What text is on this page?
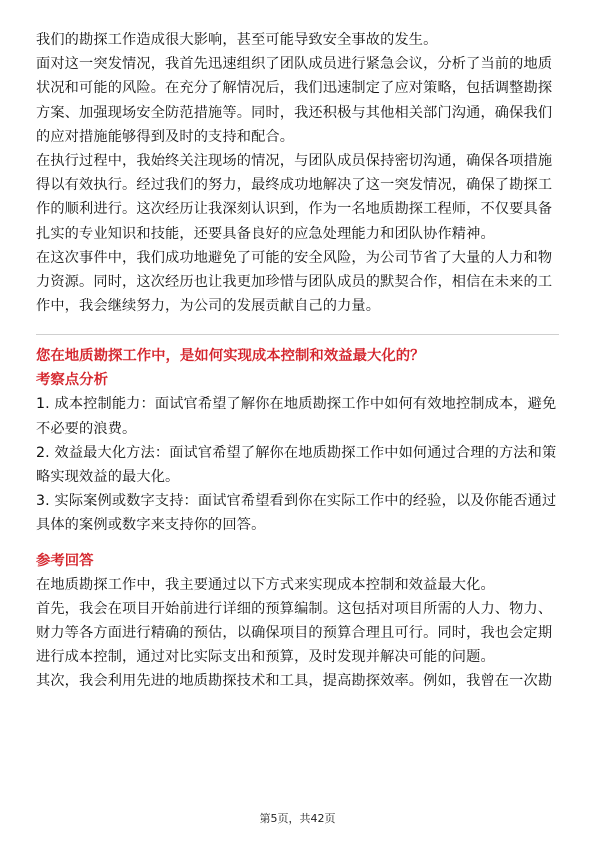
我们的勘探工作造成很大影响，甚至可能导致安全事故的发生。

面对这一突发情况，我首先迅速组织了团队成员进行紧急会议，分析了当前的地质状况和可能的风险。在充分了解情况后，我们迅速制定了应对策略，包括调整勘探方案、加强现场安全防范措施等。同时，我还积极与其他相关部门沟通，确保我们的应对措施能够得到及时的支持和配合。

在执行过程中，我始终关注现场的情况，与团队成员保持密切沟通，确保各项措施得以有效执行。经过我们的努力，最终成功地解决了这一突发情况，确保了勘探工作的顺利进行。这次经历让我深刻认识到，作为一名地质勘探工程师，不仅要具备扎实的专业知识和技能，还要具备良好的应急处理能力和团队协作精神。

在这次事件中，我们成功地避免了可能的安全风险，为公司节省了大量的人力和物力资源。同时，这次经历也让我更加珍惜与团队成员的默契合作，相信在未来的工作中，我会继续努力，为公司的发展贡献自己的力量。

您在地质勘探工作中，是如何实现成本控制和效益最大化的？
考察点分析

1. 成本控制能力：面试官希望了解你在地质勘探工作中如何有效地控制成本，避免不必要的浪费。

2. 效益最大化方法：面试官希望了解你在地质勘探工作中如何通过合理的方法和策略实现效益的最大化。

3. 实际案例或数字支持：面试官希望看到你在实际工作中的经验，以及你能否通过具体的案例或数字来支持你的回答。

参考回答

在地质勘探工作中，我主要通过以下方式来实现成本控制和效益最大化。

首先，我会在项目开始前进行详细的预算编制。这包括对项目所需的人力、物力、财力等各方面进行精确的预估，以确保项目的预算合理且可行。同时，我也会定期进行成本控制，通过对比实际支出和预算，及时发现并解决可能的问题。

其次，我会利用先进的地质勘探技术和工具，提高勘探效率。例如，我曾在一次勘

第5页，共42页
